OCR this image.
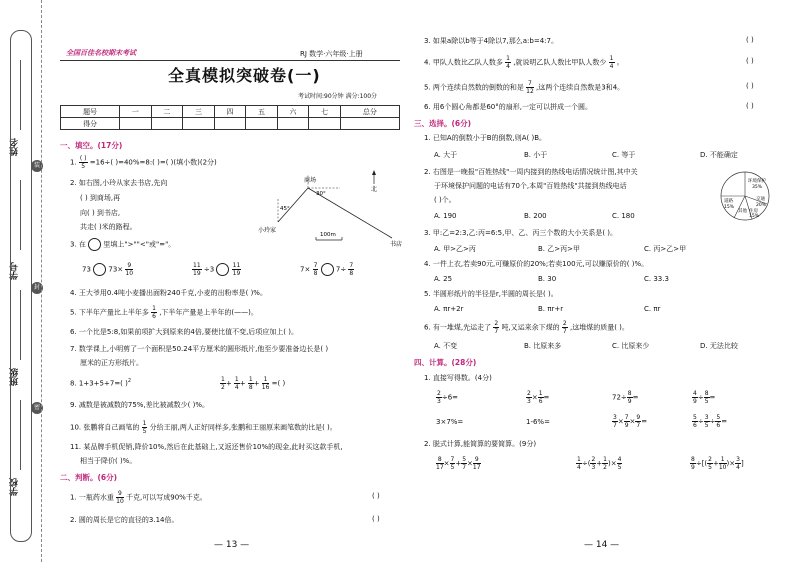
姓名
学号
班级
学校
装
封
密
全国百佳名校期末考试	RJ 数学·六年级·上册
全真模拟突破卷(一)
考试时间:90分钟 满分:100分
题号	一	二	三	四	五	六	七	总分
得分								
一、填空。(17分)
1. $\frac{( )}{5} =16\div$( )=40%=8:( )=( )(填小数)(2分)
2. 如右图,小玲从家去书店,先向
( ) 到商场,再
向( ) 到书店,
共走( )米的路程。
商场
书店
小玲家
北
45°
30°
100m
3. 在 里填上">""<"或"="。
73 $73\times \frac{9}{10}$	$\frac{11}{19} \div 3$	$\frac{11}{19}$	$7\times \frac{7}{8} 7\div \frac{7}{8}$
4. 王大爷用0.4吨小麦播出面粉240千克,小麦的出粉率是( )%。
5. 下半年产量比上半年多 $\frac{1}{6}$ ,下半年产量是上半年的(——)。
6. 一个比是5:8,如果前项扩大到原来的4倍,要使比值不变,后项应加上( )。
7. 数学课上,小明剪了一个面积是50.24平方厘米的圆形纸片,他至少要准备边长是( )
厘米的正方形纸片。
8. 1+3+5+7=( )$^2$	$\frac{1}{2} + \frac{1}{4} + \frac{1}{8} + \frac{1}{16}$ =( )
9. 减数是被减数的75%,差比被减数少( )%。
10. 张鹏将自己画笔的 $\frac{1}{5}$ 分给王丽,两人正好同样多,张鹏和王丽原来画笔数的比是( )。
11. 某品牌手机促销,降价10%,然后在此基础上,又返还售价10%的现金,此时买这款手机,
相当于降价( )%。
二、判断。(6分)
1. 一瓶药水重 $\frac{9}{10}$ 千克,可以写成90%千克。	( )
2. 圆的周长是它的直径的3.14倍。	( )
— 13 —
3. 如果a除以b等于4除以7,那么a:b=4:7。	( )
4. 甲队人数比乙队人数多 $\frac{1}{4}$ ,就说明乙队人数比甲队人数少 $\frac{1}{4}$ 。	( )
5. 两个连续自然数的倒数的和是 $\frac{7}{12}$ ,这两个连续自然数是3和4。	( )
6. 用6个圆心角都是60°的扇形,一定可以拼成一个圆。	( )
三、选择。(6分)
1. 已知A的倒数小于B的倒数,则A( )B。
A. 大于	B. 小于	C. 等于	D. 不能确定
2. 右图是一晚报"百姓热线"一周内接到的热线电话情况统计图,其中关
于环境保护问题的电话有70个,本周"百姓热线"共接到热线电话
( )个。
A. 190	B. 200	C. 180
环境保护
35%
道路
15%
交通
20%
其他 住房
15%
3. 甲:乙=2:3,乙:丙=6:5,甲、乙、丙三个数的大小关系是( )。
A. 甲>乙>丙	B. 乙>丙>甲	C. 丙>乙>甲
4. 一件上衣,若卖90元,可赚原价的20%;若卖100元,可以赚原价的( )%。
A. 25	B. 30	C. 33.3
5. 半圆形纸片的半径是r,半圆的周长是( )。
A. πr+2r	B. πr+r	C. πr
6. 有一堆煤,先运走了 $\frac{2}{7}$ 吨,又运来余下煤的 $\frac{2}{7}$ ,这堆煤的质量( )。
A. 不变	B. 比原来多	C. 比原来少	D. 无法比较
四、计算。(28分)
1. 直接写得数。(4分)
$\frac{2}{3} \div 6=$	$\frac{2}{3} \times \frac{1}{6}$ =	$72\div \frac{8}{9}$ =	$\frac{4}{9} \div \frac{8}{5}$ =
3×7%=	1-6%=	$\frac{3}{7} \times \frac{7}{9} \times \frac{9}{7}$ =	$\frac{5}{6} \div \frac{3}{5} \div \frac{5}{6}$ =
2. 脱式计算,能简算的要简算。(9分)
$\frac{8}{17} \times \frac{7}{5} + \frac{5}{7} \times \frac{9}{17}$	$\frac{1}{4}$ ÷( $\frac{2}{3} + \frac{1}{2}$ )× $\frac{4}{5}$	$\frac{8}{9}$ ÷[( $\frac{2}{5} + \frac{1}{10}$ )× $\frac{3}{4}$ ]
— 14 —
